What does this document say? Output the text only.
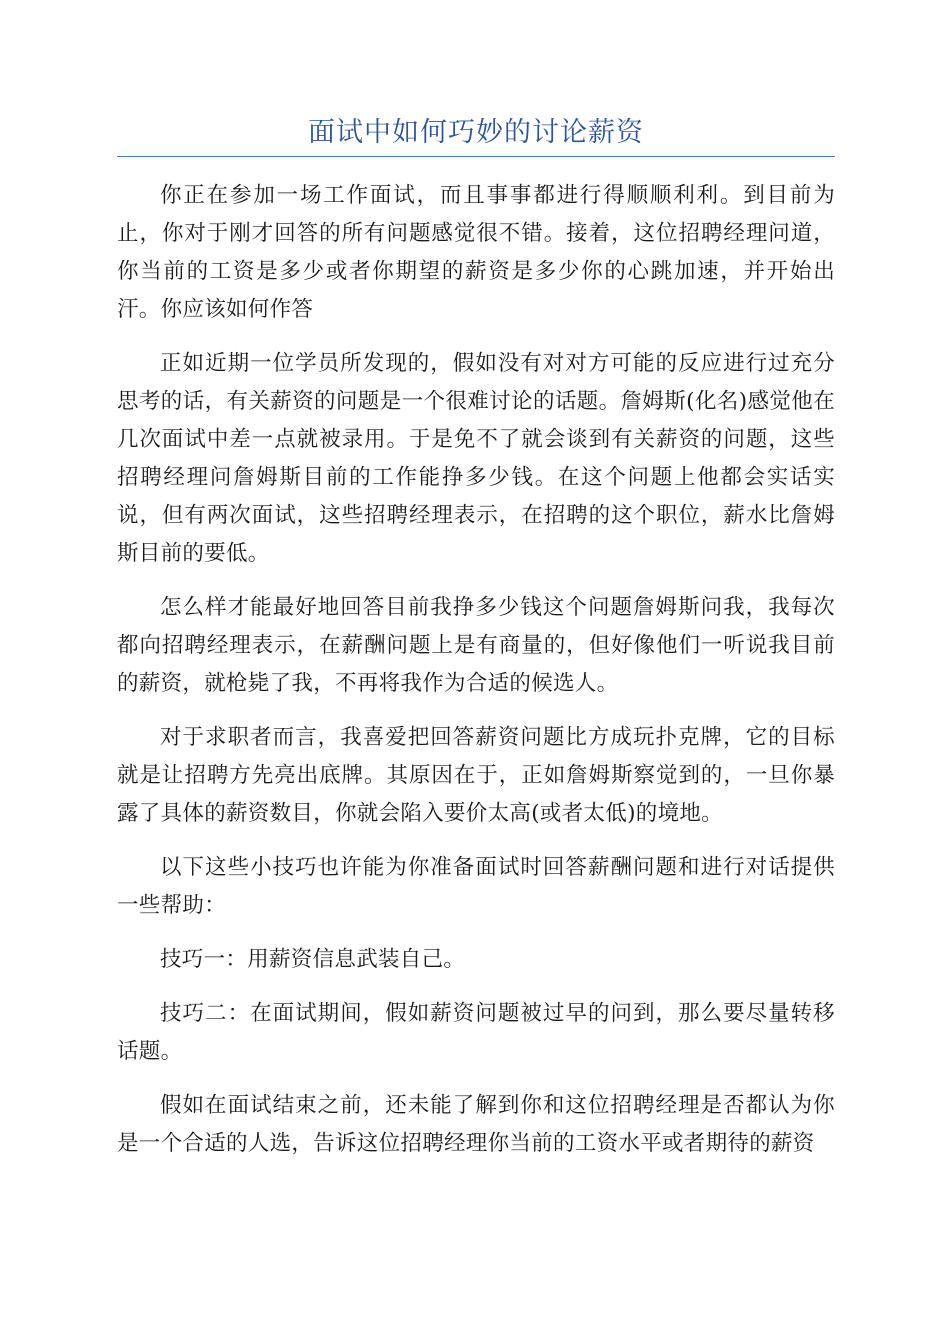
面试中如何巧妙的讨论薪资

你正在参加一场工作面试，而且事事都进行得顺顺利利。到目前为止，你对于刚才回答的所有问题感觉很不错。接着，这位招聘经理问道，你当前的工资是多少或者你期望的薪资是多少你的心跳加速，并开始出汗。你应该如何作答

正如近期一位学员所发现的，假如没有对对方可能的反应进行过充分思考的话，有关薪资的问题是一个很难讨论的话题。詹姆斯(化名)感觉他在几次面试中差一点就被录用。于是免不了就会谈到有关薪资的问题，这些招聘经理问詹姆斯目前的工作能挣多少钱。在这个问题上他都会实话实说，但有两次面试，这些招聘经理表示，在招聘的这个职位，薪水比詹姆斯目前的要低。

怎么样才能最好地回答目前我挣多少钱这个问题詹姆斯问我，我每次都向招聘经理表示，在薪酬问题上是有商量的，但好像他们一听说我目前的薪资，就枪毙了我，不再将我作为合适的候选人。

对于求职者而言，我喜爱把回答薪资问题比方成玩扑克牌，它的目标就是让招聘方先亮出底牌。其原因在于，正如詹姆斯察觉到的，一旦你暴露了具体的薪资数目，你就会陷入要价太高(或者太低)的境地。

以下这些小技巧也许能为你准备面试时回答薪酬问题和进行对话提供一些帮助：

技巧一：用薪资信息武装自己。

技巧二：在面试期间，假如薪资问题被过早的问到，那么要尽量转移话题。

假如在面试结束之前，还未能了解到你和这位招聘经理是否都认为你是一个合适的人选，告诉这位招聘经理你当前的工资水平或者期待的薪资
